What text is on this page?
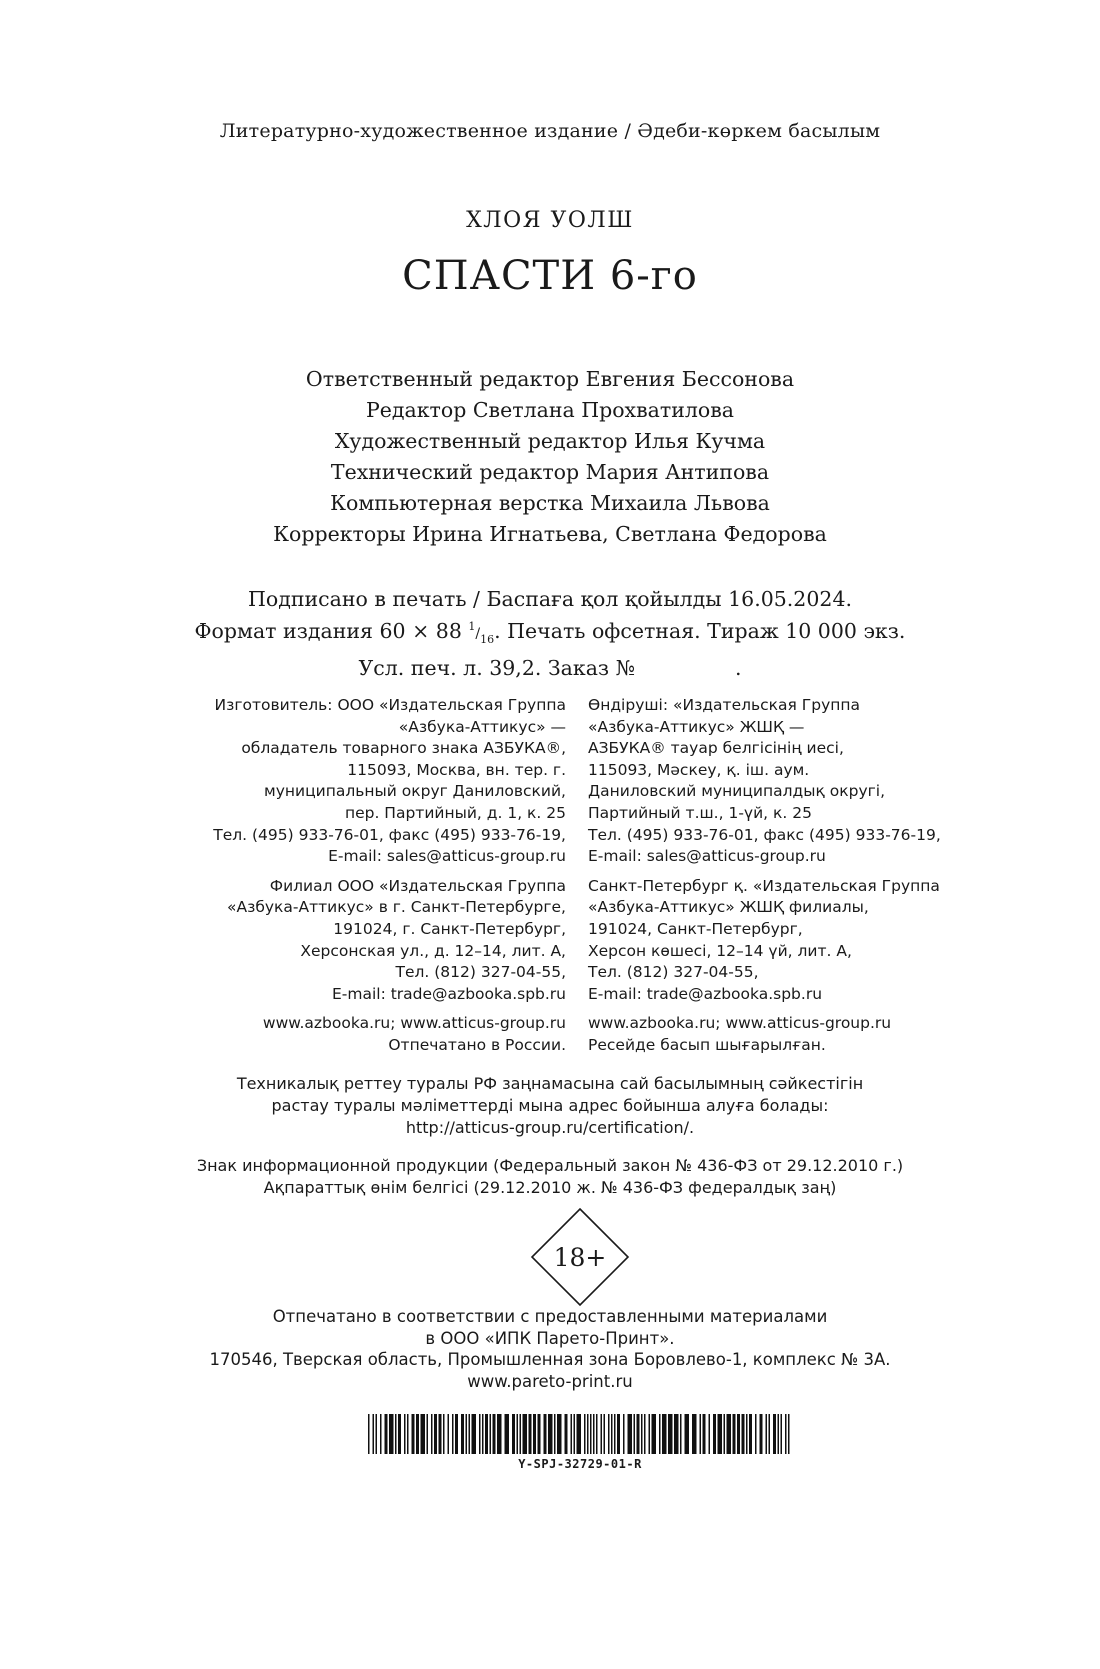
Литературно-художественное издание / Әдеби-көркем басылым
ХЛОЯ УОЛШ
СПАСТИ 6-го
Ответственный редактор Евгения Бессонова
Редактор Светлана Прохватилова
Художественный редактор Илья Кучма
Технический редактор Мария Антипова
Компьютерная верстка Михаила Львова
Корректоры Ирина Игнатьева, Светлана Федорова
Подписано в печать / Баспаға қол қойылды 16.05.2024.
Формат издания 60 × 88 $^1/_{16}$. Печать офсетная. Тираж 10 000 экз.
Усл. печ. л. 39,2. Заказ №	.
Изготовитель: ООО «Издательская Группа
«Азбука-Аттикус» —
обладатель товарного знака АЗБУКА®,
115093, Москва, вн. тер. г.
муниципальный округ Даниловский,
пер. Партийный, д. 1, к. 25
Тел. (495) 933-76-01, факс (495) 933-76-19,
E-mail: sales@atticus-group.ru
Филиал ООО «Издательская Группа
«Азбука-Аттикус» в г. Санкт-Петербурге,
191024, г. Санкт-Петербург,
Херсонская ул., д. 12–14, лит. А,
Тел. (812) 327-04-55,
E-mail: trade@azbooka.spb.ru
www.azbooka.ru; www.atticus-group.ru
Отпечатано в России.
Өндіруші: «Издательская Группа
«Азбука-Аттикус» ЖШҚ —
АЗБУКА® тауар белгісінің иесі,
115093, Мәскеу, қ. іш. аум.
Даниловский муниципалдық округі,
Партийный т.ш., 1-үй, к. 25
Тел. (495) 933-76-01, факс (495) 933-76-19,
E-mail: sales@atticus-group.ru
Санкт-Петербург қ. «Издательская Группа
«Азбука-Аттикус» ЖШҚ филиалы,
191024, Санкт-Петербург,
Херсон көшесі, 12–14 үй, лит. А,
Тел. (812) 327-04-55,
E-mail: trade@azbooka.spb.ru
www.azbooka.ru; www.atticus-group.ru
Ресейде басып шығарылған.
Техникалық реттеу туралы РФ заңнамасына сай басылымның сәйкестігін
растау туралы мәліметтерді мына адрес бойынша алуға болады:
http://atticus-group.ru/certification/.
Знак информационной продукции (Федеральный закон № 436-ФЗ от 29.12.2010 г.)
Ақпараттық өнім белгісі (29.12.2010 ж. № 436-ФЗ федералдық заң)
18+
Отпечатано в соответствии с предоставленными материалами
в ООО «ИПК Парето-Принт».
170546, Тверская область, Промышленная зона Боровлево-1, комплекс № 3А.
www.pareto-print.ru
Y-SPJ-32729-01-R
